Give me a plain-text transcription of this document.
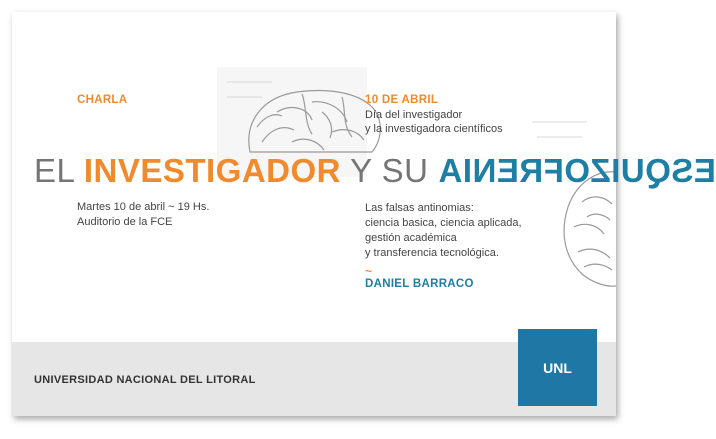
CHARLA	10 DE ABRIL
Día del investigador
y la investigadora científicos
EL INVESTIGADOR Y SU ESQUIZOFRENIA
Martes 10 de abril ~ 19 Hs.
Auditorio de la FCE
Las falsas antinomias:
ciencia basica, ciencia aplicada,
gestión académica
y transferencia tecnológica.
~
DANIEL BARRACO
UNIVERSIDAD NACIONAL DEL LITORAL
UNL
